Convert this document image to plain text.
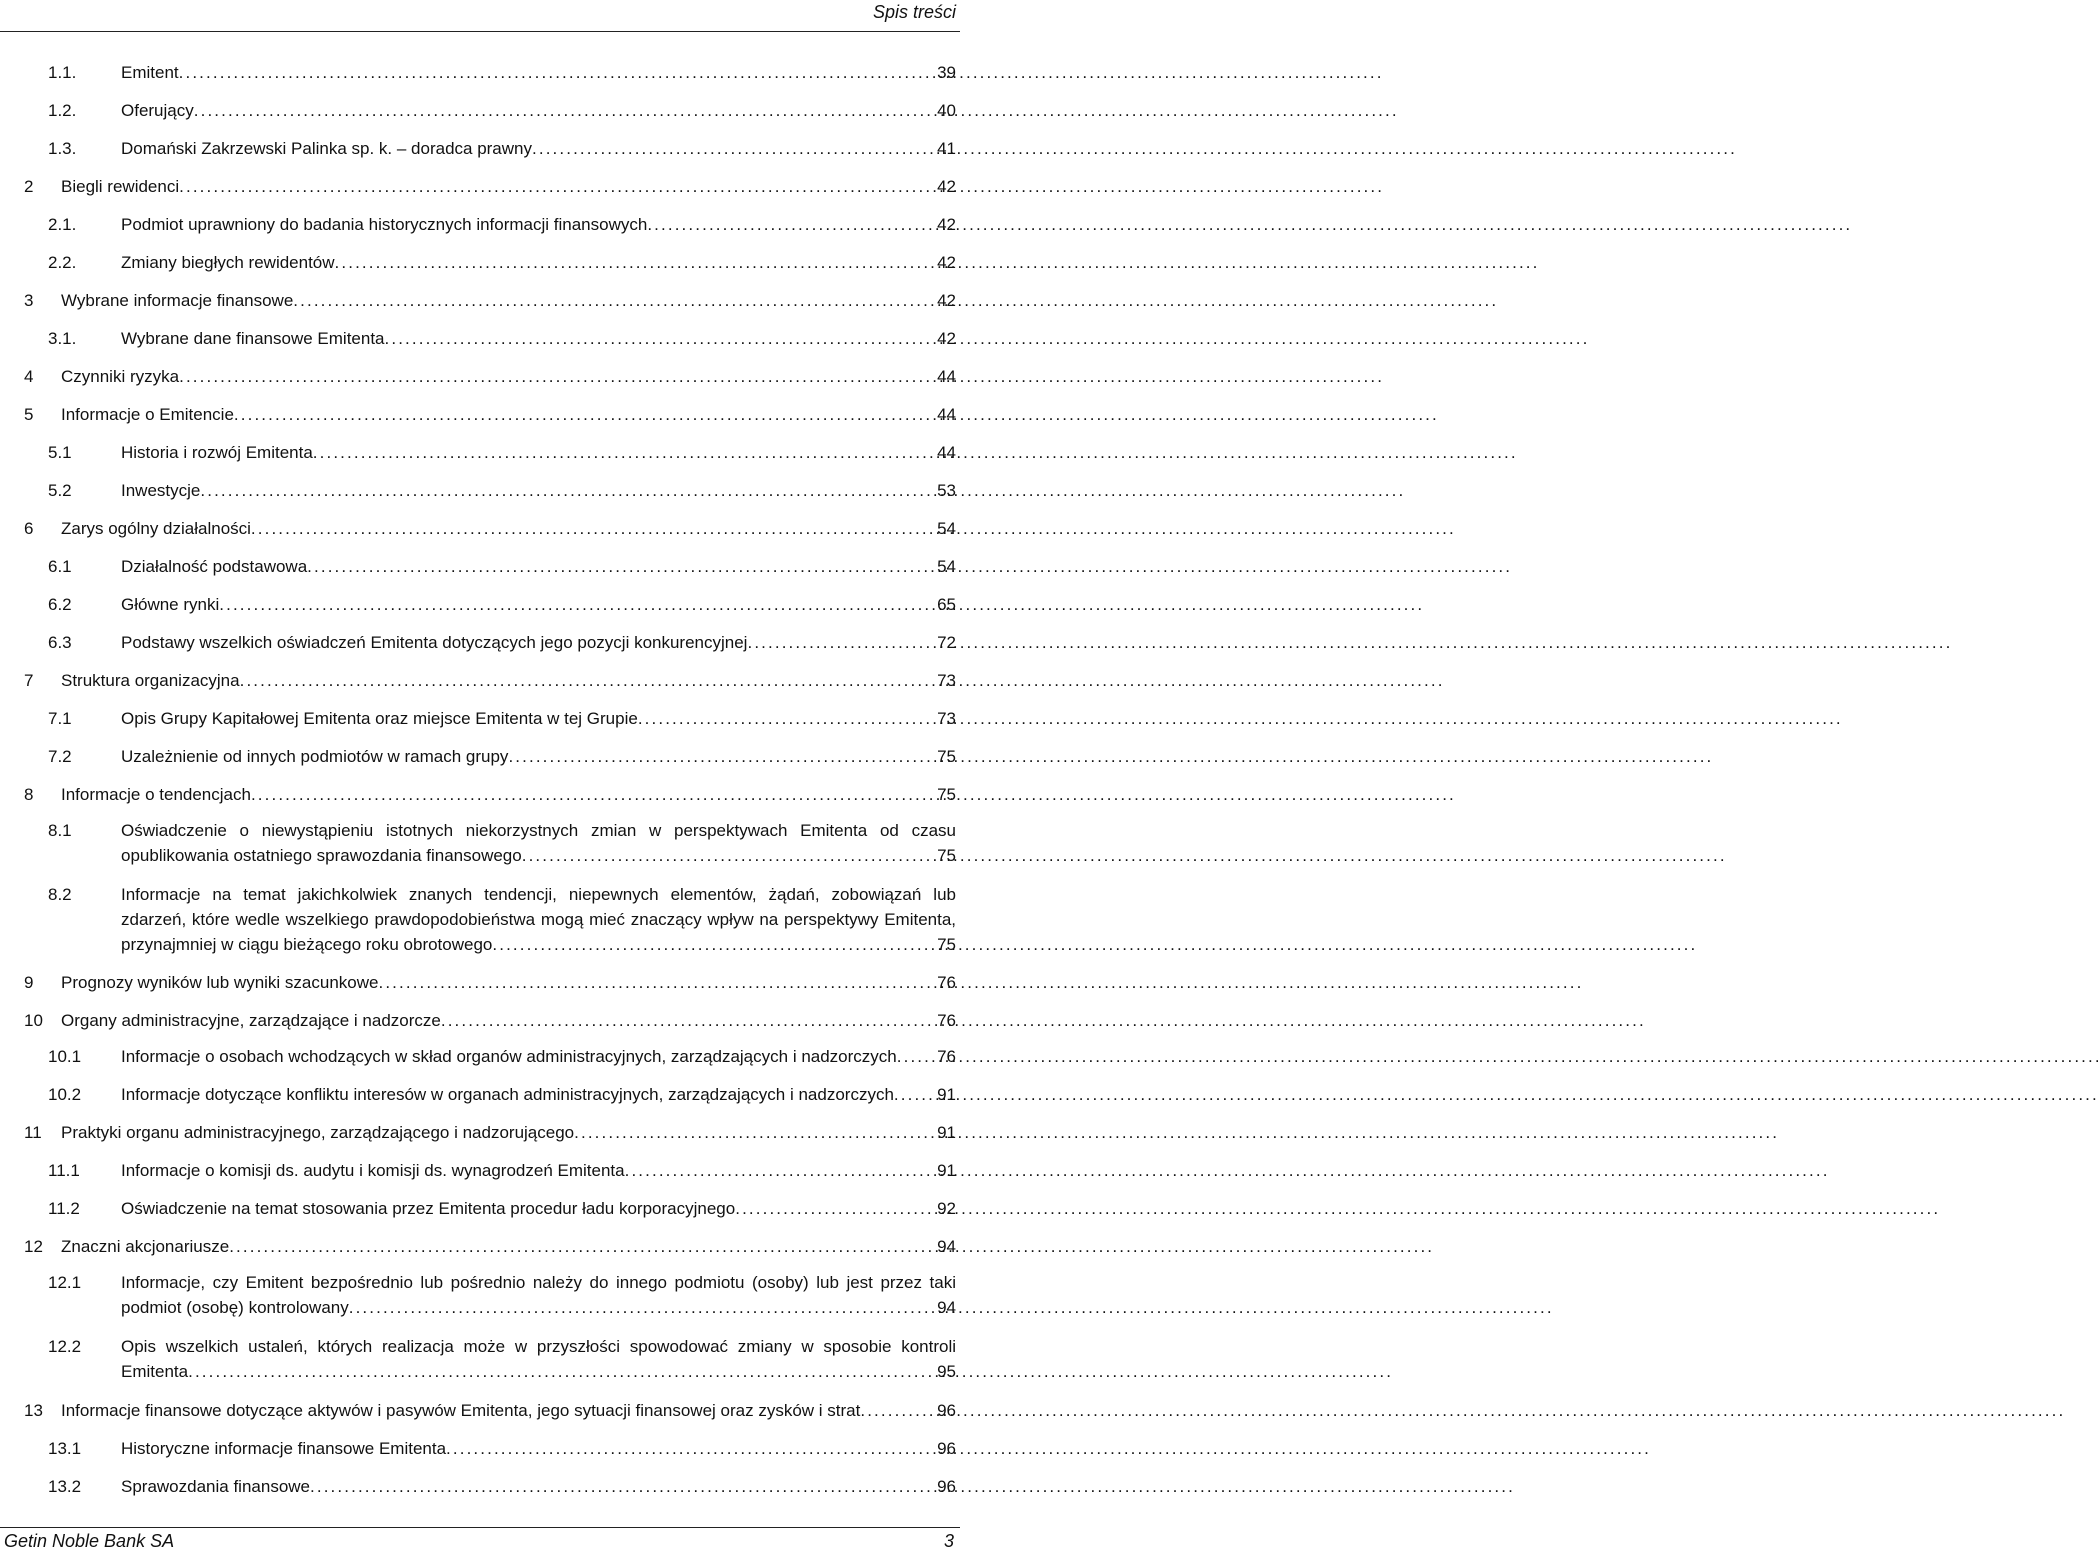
Spis treści
1.1.	Emitent . . .	39
1.2.	Oferujący . . .	40
1.3.	Domański Zakrzewski Palinka sp. k. – doradca prawny . . .	41
2 Biegli rewidenci . . .	42
2.1.	Podmiot uprawniony do badania historycznych informacji finansowych . . .	42
2.2.	Zmiany biegłych rewidentów . . .	42
3 Wybrane informacje finansowe . . .	42
3.1.	Wybrane dane finansowe Emitenta . . .	42
4 Czynniki ryzyka . . .	44
5 Informacje o Emitencie . . .	44
5.1	Historia i rozwój Emitenta . . .	44
5.2	Inwestycje . . .	53
6 Zarys ogólny działalności . . .	54
6.1	Działalność podstawowa . . .	54
6.2	Główne rynki . . .	65
6.3	Podstawy wszelkich oświadczeń Emitenta dotyczących jego pozycji konkurencyjnej . . .	72
7 Struktura organizacyjna . . .	73
7.1	Opis Grupy Kapitałowej Emitenta oraz miejsce Emitenta w tej Grupie . . .	73
7.2	Uzależnienie od innych podmiotów w ramach grupy . . .	75
8 Informacje o tendencjach . . .	75
8.1	Oświadczenie o niewystąpieniu istotnych niekorzystnych zmian w perspektywach Emitenta od czasu
opublikowania ostatniego sprawozdania finansowego . . .	75
8.2	Informacje na temat jakichkolwiek znanych tendencji, niepewnych elementów, żądań, zobowiązań lub
zdarzeń, które wedle wszelkiego prawdopodobieństwa mogą mieć znaczący wpływ na perspektywy Emitenta,
przynajmniej w ciągu bieżącego roku obrotowego . . .	75
9 Prognozy wyników lub wyniki szacunkowe . . .	76
10 Organy administracyjne, zarządzające i nadzorcze . . .	76
10.1 Informacje o osobach wchodzących w skład organów administracyjnych, zarządzających i nadzorczych . . . 76
10.2 Informacje dotyczące konfliktu interesów w organach administracyjnych, zarządzających i nadzorczych . . .	91
11 Praktyki organu administracyjnego, zarządzającego i nadzorującego . . .	91
11.1 Informacje o komisji ds. audytu i komisji ds. wynagrodzeń Emitenta . . .	91
11.2 Oświadczenie na temat stosowania przez Emitenta procedur ładu korporacyjnego . . .	92
12 Znaczni akcjonariusze . . .	94
12.1 Informacje, czy Emitent bezpośrednio lub pośrednio należy do innego podmiotu (osoby) lub jest przez taki
podmiot (osobę) kontrolowany . . .	94
12.2 Opis wszelkich ustaleń, których realizacja może w przyszłości spowodować zmiany w sposobie kontroli
Emitenta . . .	95
13 Informacje finansowe dotyczące aktywów i pasywów Emitenta, jego sytuacji finansowej oraz zysków i strat . . .	96
13.1 Historyczne informacje finansowe Emitenta . . .	96
13.2 Sprawozdania finansowe . . .	96
Getin Noble Bank SA	3
